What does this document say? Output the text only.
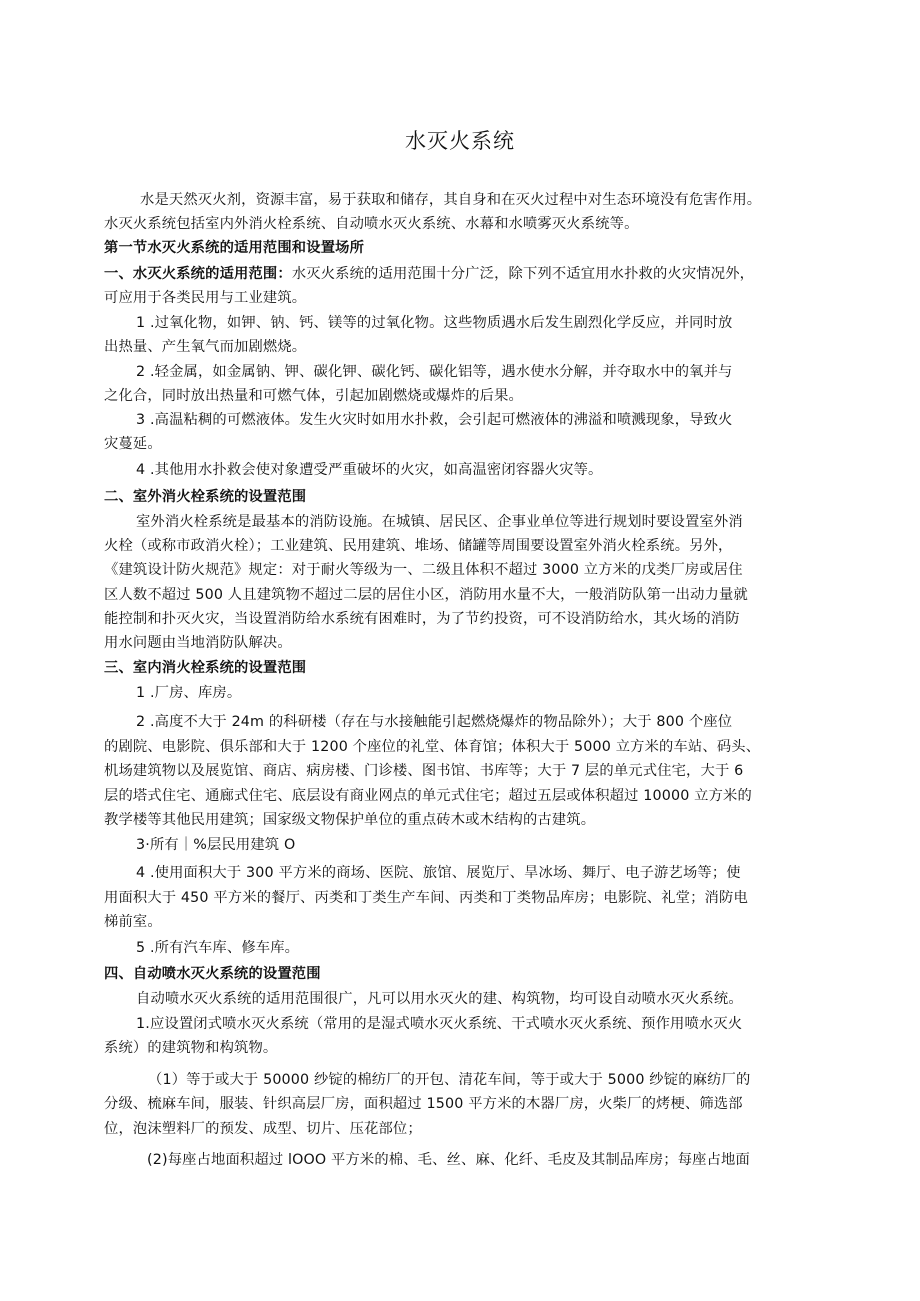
水灭火系统
水是天然灭火剂，资源丰富，易于获取和储存，其自身和在灭火过程中对生态环境没有危害作用。
水灭火系统包括室内外消火栓系统、自动喷水灭火系统、水幕和水喷雾灭火系统等。
第一节水灭火系统的适用范围和设置场所
一、水灭火系统的适用范围：水灭火系统的适用范围十分广泛，除下列不适宜用水扑救的火灾情况外，
可应用于各类民用与工业建筑。
1 .过氧化物，如钾、钠、钙、镁等的过氧化物。这些物质遇水后发生剧烈化学反应，并同时放
出热量、产生氧气而加剧燃烧。
2 .轻金属，如金属钠、钾、碳化钾、碳化钙、碳化铝等，遇水使水分解，并夺取水中的氧并与
之化合，同时放出热量和可燃气体，引起加剧燃烧或爆炸的后果。
3 .高温粘稠的可燃液体。发生火灾时如用水扑救，会引起可燃液体的沸溢和喷溅现象，导致火
灾蔓延。
4 .其他用水扑救会使对象遭受严重破坏的火灾，如高温密闭容器火灾等。
二、室外消火栓系统的设置范围
室外消火栓系统是最基本的消防设施。在城镇、居民区、企事业单位等进行规划时要设置室外消
火栓（或称市政消火栓）；工业建筑、民用建筑、堆场、储罐等周围要设置室外消火栓系统。另外，
《建筑设计防火规范》规定：对于耐火等级为一、二级且体积不超过 3000 立方米的戊类厂房或居住
区人数不超过 500 人且建筑物不超过二层的居住小区，消防用水量不大，一般消防队第一出动力量就
能控制和扑灭火灾，当设置消防给水系统有困难时，为了节约投资，可不设消防给水，其火场的消防
用水问题由当地消防队解决。
三、室内消火栓系统的设置范围
1 .厂房、库房。
2 .高度不大于 24m 的科研楼（存在与水接触能引起燃烧爆炸的物品除外）；大于 800 个座位
的剧院、电影院、俱乐部和大于 1200 个座位的礼堂、体育馆；体积大于 5000 立方米的车站、码头、
机场建筑物以及展览馆、商店、病房楼、门诊楼、图书馆、书库等；大于 7 层的单元式住宅，大于 6
层的塔式住宅、通廊式住宅、底层设有商业网点的单元式住宅；超过五层或体积超过 10000 立方米的
教学楼等其他民用建筑；国家级文物保护单位的重点砖木或木结构的古建筑。
3·所有｜%层民用建筑 O
4 .使用面积大于 300 平方米的商场、医院、旅馆、展览厅、旱冰场、舞厅、电子游艺场等；使
用面积大于 450 平方米的餐厅、丙类和丁类生产车间、丙类和丁类物品库房；电影院、礼堂；消防电
梯前室。
5 .所有汽车库、修车库。
四、自动喷水灭火系统的设置范围
自动喷水灭火系统的适用范围很广，凡可以用水灭火的建、构筑物，均可设自动喷水灭火系统。
1.应设置闭式喷水灭火系统（常用的是湿式喷水灭火系统、干式喷水灭火系统、预作用喷水灭火
系统）的建筑物和构筑物。
（1）等于或大于 50000 纱锭的棉纺厂的开包、清花车间，等于或大于 5000 纱锭的麻纺厂的
分级、梳麻车间，服装、针织高层厂房，面积超过 1500 平方米的木器厂房，火柴厂的烤梗、筛选部
位，泡沫塑料厂的预发、成型、切片、压花部位；
(2)每座占地面积超过 lOOO 平方米的棉、毛、丝、麻、化纤、毛皮及其制品库房；每座占地面
